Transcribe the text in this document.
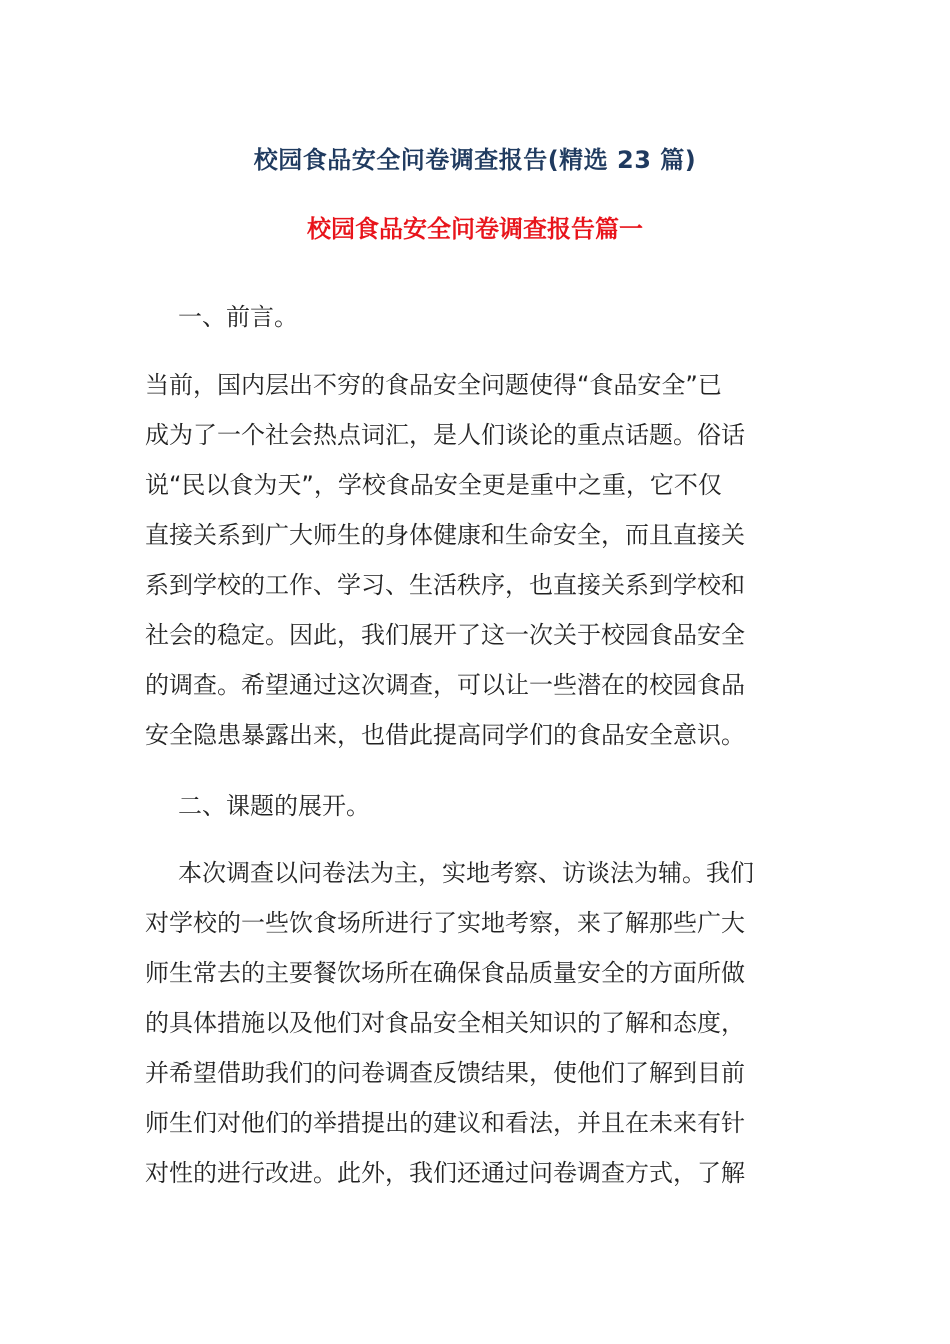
校园食品安全问卷调查报告(精选 23 篇)
校园食品安全问卷调查报告篇一
一、前言。
当前，国内层出不穷的食品安全问题使得“食品安全”已
成为了一个社会热点词汇，是人们谈论的重点话题。俗话
说“民以食为天”，学校食品安全更是重中之重，它不仅
直接关系到广大师生的身体健康和生命安全，而且直接关
系到学校的工作、学习、生活秩序，也直接关系到学校和
社会的稳定。因此，我们展开了这一次关于校园食品安全
的调查。希望通过这次调查，可以让一些潜在的校园食品
安全隐患暴露出来，也借此提高同学们的食品安全意识。
二、课题的展开。
本次调查以问卷法为主，实地考察、访谈法为辅。我们
对学校的一些饮食场所进行了实地考察，来了解那些广大
师生常去的主要餐饮场所在确保食品质量安全的方面所做
的具体措施以及他们对食品安全相关知识的了解和态度，
并希望借助我们的问卷调查反馈结果，使他们了解到目前
师生们对他们的举措提出的建议和看法，并且在未来有针
对性的进行改进。此外，我们还通过问卷调查方式，了解
